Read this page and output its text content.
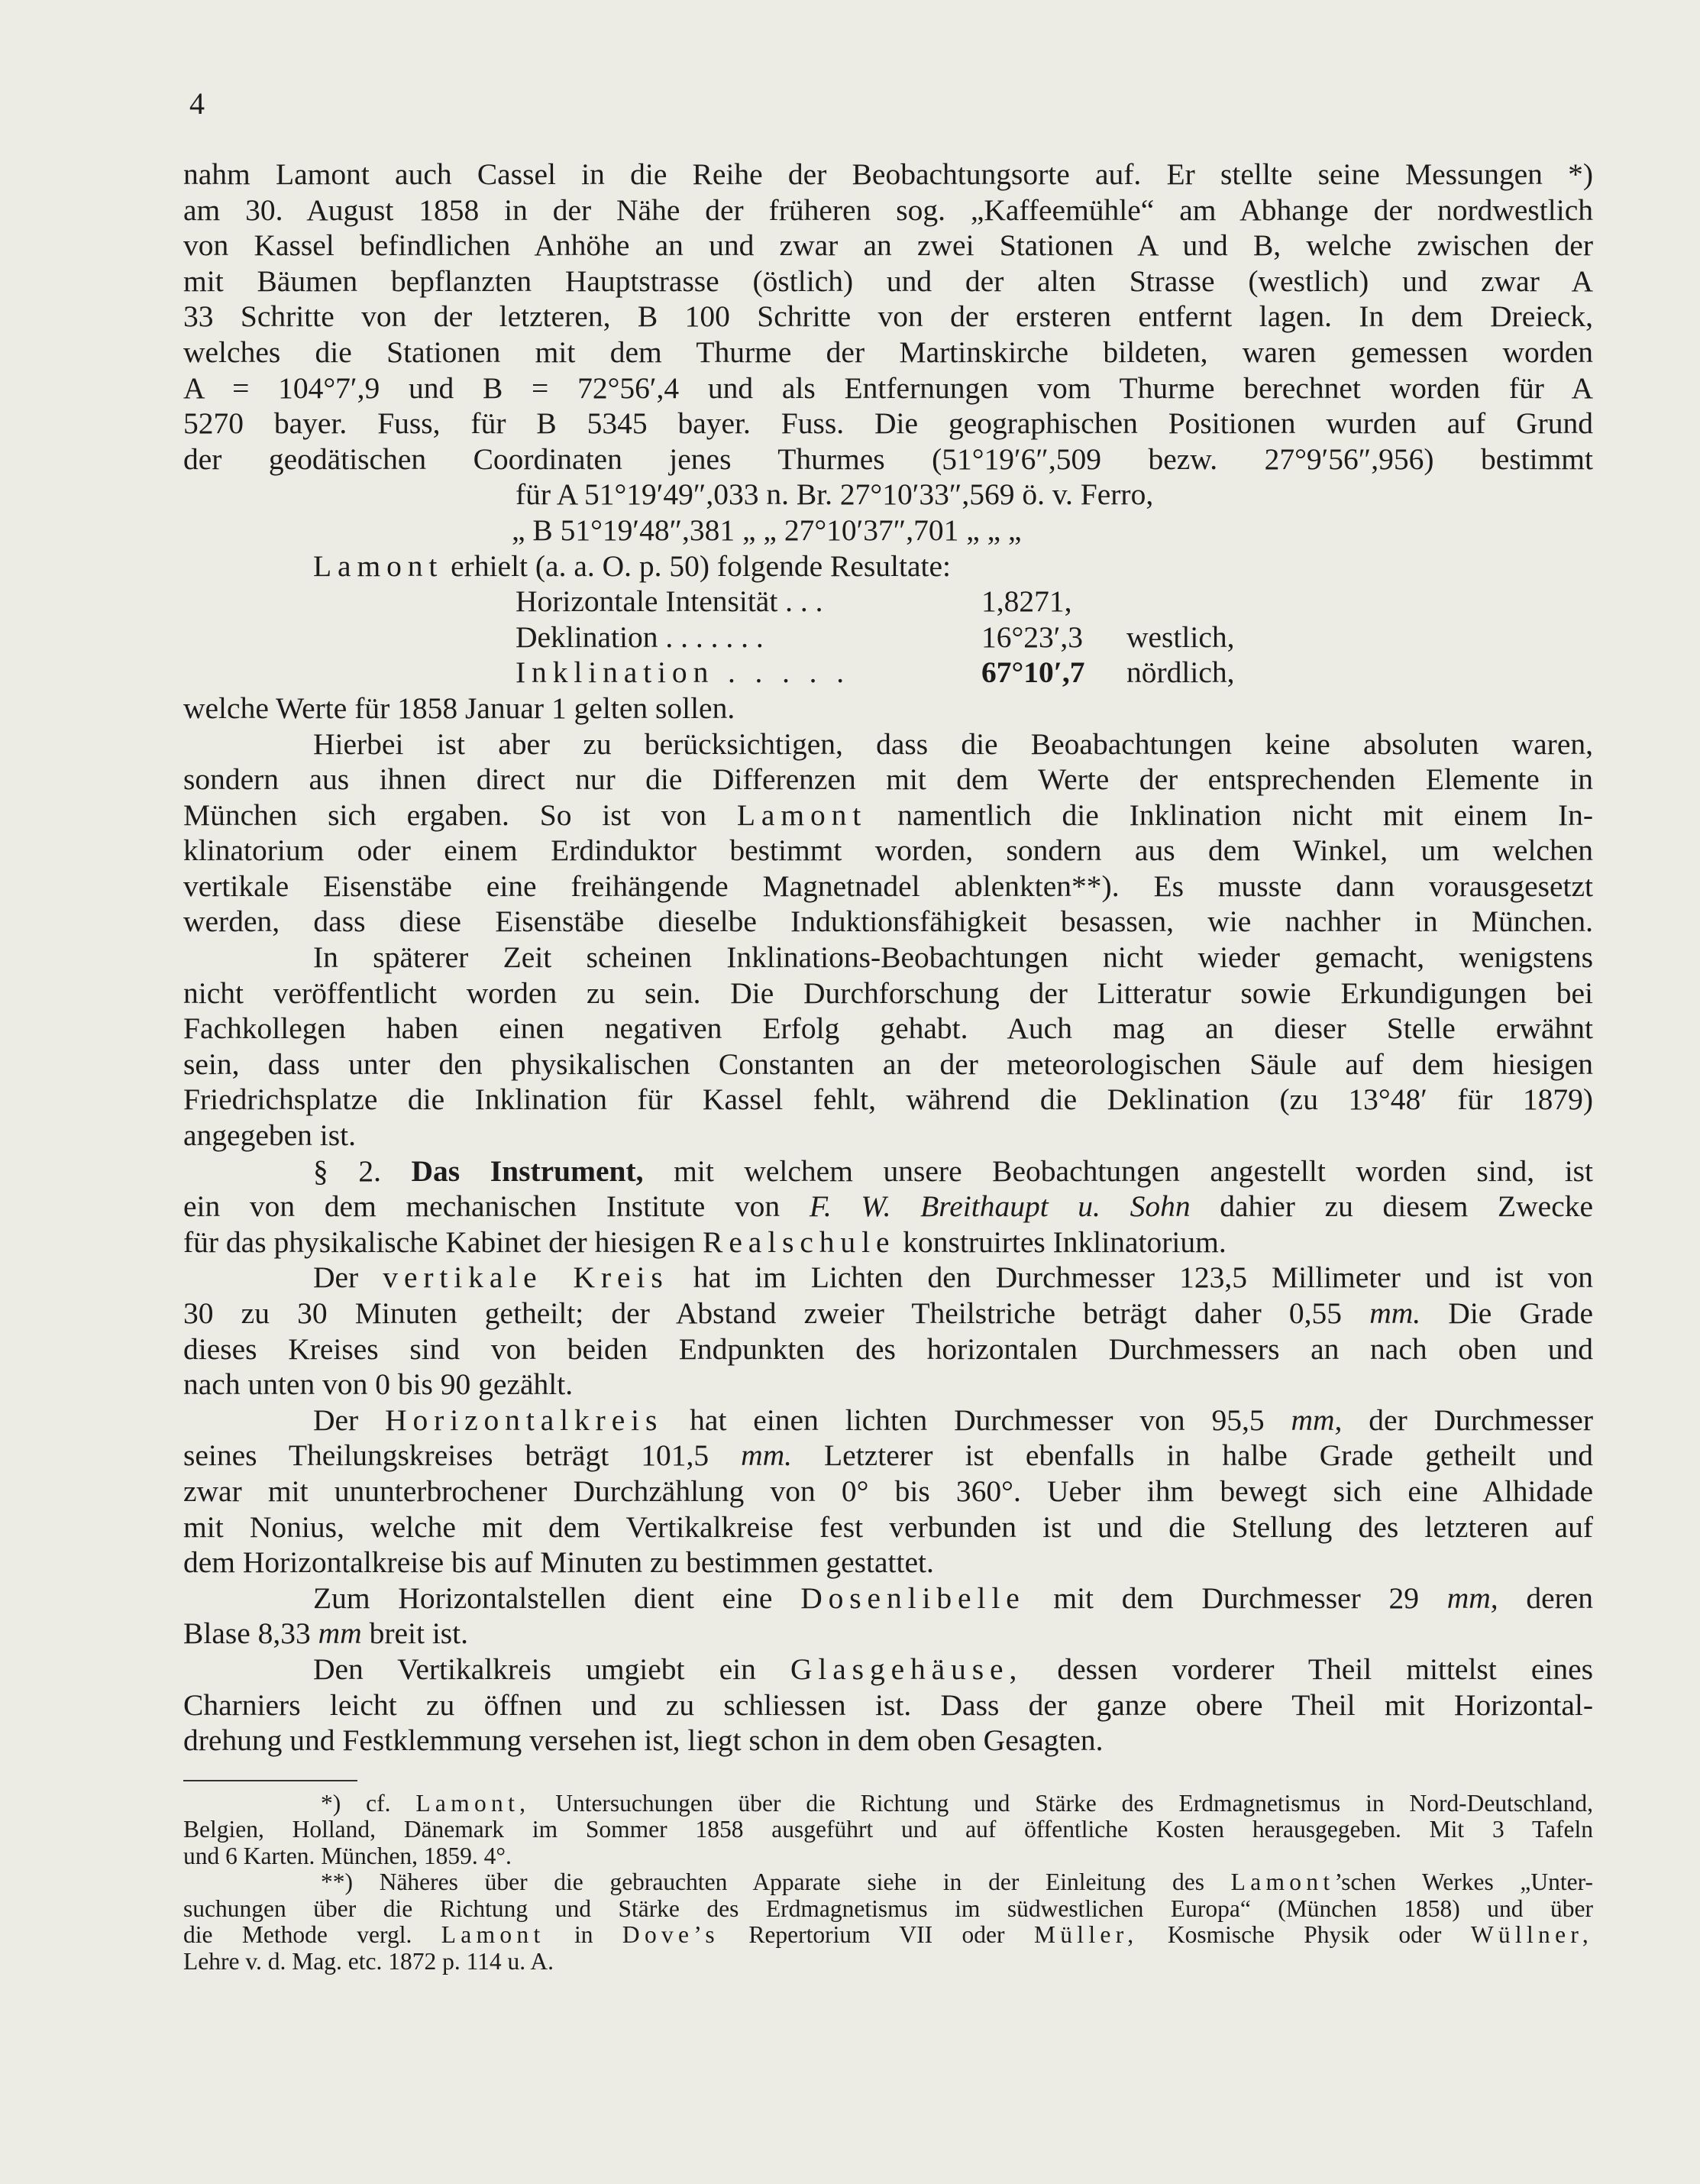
4
nahm Lamont auch Cassel in die Reihe der Beobachtungsorte auf. Er stellte seine Messungen *)
am 30. August 1858 in der Nähe der früheren sog. „Kaffeemühle“ am Abhange der nordwestlich
von Kassel befindlichen Anhöhe an und zwar an zwei Stationen A und B, welche zwischen der
mit Bäumen bepflanzten Hauptstrasse (östlich) und der alten Strasse (westlich) und zwar A
33 Schritte von der letzteren, B 100 Schritte von der ersteren entfernt lagen. In dem Dreieck,
welches die Stationen mit dem Thurme der Martinskirche bildeten, waren gemessen worden
A = 104°7′,9 und B = 72°56′,4 und als Entfernungen vom Thurme berechnet worden für A
5270 bayer. Fuss, für B 5345 bayer. Fuss. Die geographischen Positionen wurden auf Grund
der geodätischen Coordinaten jenes Thurmes (51°19′6″,509 bezw. 27°9′56″,956) bestimmt
für A 51°19′49″,033 n. Br. 27°10′33″,569 ö. v. Ferro,
„ B 51°19′48″,381 „ „ 27°10′37″,701 „ „ „
Lamont erhielt (a. a. O. p. 50) folgende Resultate:
Horizontale Intensität . . .	1,8271,
Deklination . . . . . . .	16°23′,3 westlich,
Inklination . . . . .	67°10′,7 nördlich,
welche Werte für 1858 Januar 1 gelten sollen.
Hierbei ist aber zu berücksichtigen, dass die Beoabachtungen keine absoluten waren,
sondern aus ihnen direct nur die Differenzen mit dem Werte der entsprechenden Elemente in
München sich ergaben. So ist von Lamont namentlich die Inklination nicht mit einem In-
klinatorium oder einem Erdinduktor bestimmt worden, sondern aus dem Winkel, um welchen
vertikale Eisenstäbe eine freihängende Magnetnadel ablenkten**). Es musste dann vorausgesetzt
werden, dass diese Eisenstäbe dieselbe Induktionsfähigkeit besassen, wie nachher in München.
In späterer Zeit scheinen Inklinations-Beobachtungen nicht wieder gemacht, wenigstens
nicht veröffentlicht worden zu sein. Die Durchforschung der Litteratur sowie Erkundigungen bei
Fachkollegen haben einen negativen Erfolg gehabt. Auch mag an dieser Stelle erwähnt
sein, dass unter den physikalischen Constanten an der meteorologischen Säule auf dem hiesigen
Friedrichsplatze die Inklination für Kassel fehlt, während die Deklination (zu 13°48′ für 1879)
angegeben ist.
§ 2. Das Instrument, mit welchem unsere Beobachtungen angestellt worden sind, ist
ein von dem mechanischen Institute von F. W. Breithaupt u. Sohn dahier zu diesem Zwecke
für das physikalische Kabinet der hiesigen Realschule konstruirtes Inklinatorium.
Der vertikale Kreis hat im Lichten den Durchmesser 123,5 Millimeter und ist von
30 zu 30 Minuten getheilt; der Abstand zweier Theilstriche beträgt daher 0,55 mm. Die Grade
dieses Kreises sind von beiden Endpunkten des horizontalen Durchmessers an nach oben und
nach unten von 0 bis 90 gezählt.
Der Horizontalkreis hat einen lichten Durchmesser von 95,5 mm, der Durchmesser
seines Theilungskreises beträgt 101,5 mm. Letzterer ist ebenfalls in halbe Grade getheilt und
zwar mit ununterbrochener Durchzählung von 0° bis 360°. Ueber ihm bewegt sich eine Alhidade
mit Nonius, welche mit dem Vertikalkreise fest verbunden ist und die Stellung des letzteren auf
dem Horizontalkreise bis auf Minuten zu bestimmen gestattet.
Zum Horizontalstellen dient eine Dosenlibelle mit dem Durchmesser 29 mm, deren
Blase 8,33 mm breit ist.
Den Vertikalkreis umgiebt ein Glasgehäuse, dessen vorderer Theil mittelst eines
Charniers leicht zu öffnen und zu schliessen ist. Dass der ganze obere Theil mit Horizontal-
drehung und Festklemmung versehen ist, liegt schon in dem oben Gesagten.
*) cf. Lamont, Untersuchungen über die Richtung und Stärke des Erdmagnetismus in Nord-Deutschland,
Belgien, Holland, Dänemark im Sommer 1858 ausgeführt und auf öffentliche Kosten herausgegeben. Mit 3 Tafeln
und 6 Karten. München, 1859. 4°.
**) Näheres über die gebrauchten Apparate siehe in der Einleitung des Lamont’schen Werkes „Unter-
suchungen über die Richtung und Stärke des Erdmagnetismus im südwestlichen Europa“ (München 1858) und über
die Methode vergl. Lamont in Dove’s Repertorium VII oder Müller, Kosmische Physik oder Wüllner,
Lehre v. d. Mag. etc. 1872 p. 114 u. A.
